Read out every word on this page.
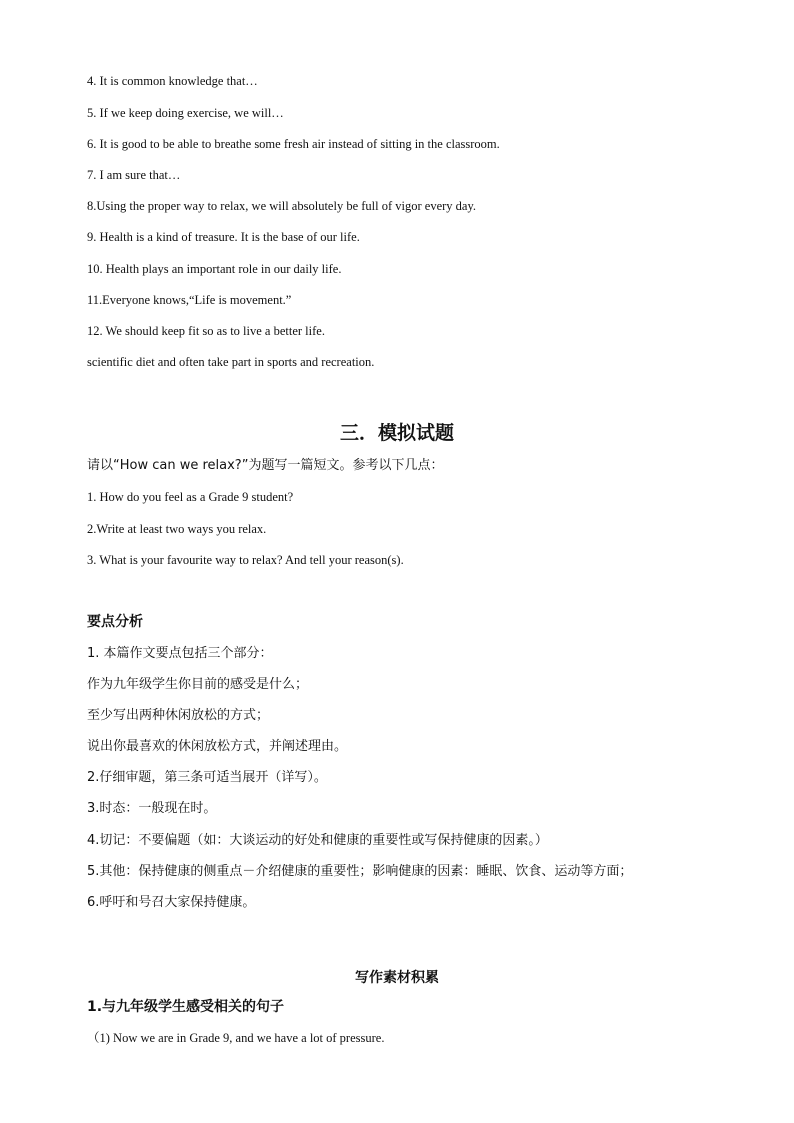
4. It is common knowledge that…
5. If we keep doing exercise, we will…
6. It is good to be able to breathe some fresh air instead of sitting in the classroom.
7. I am sure that…
8.Using the proper way to relax, we will absolutely be full of vigor every day.
9. Health is a kind of treasure. It is the base of our life.
10. Health plays an important role in our daily life.
11.Everyone knows,“Life is movement.”
12. We should keep fit so as to live a better life.
scientific diet and often take part in sports and recreation.
三．模拟试题
请以“How can we relax?”为题写一篇短文。参考以下几点：
1. How do you feel as a Grade 9 student?
2.Write at least two ways you relax.
3. What is your favourite way to relax? And tell your reason(s).
要点分析
1. 本篇作文要点包括三个部分：
作为九年级学生你目前的感受是什么；
至少写出两种休闲放松的方式；
说出你最喜欢的休闲放松方式，并阐述理由。
2.仔细审题，第三条可适当展开（详写）。
3.时态：一般现在时。
4.切记：不要偏题（如：大谈运动的好处和健康的重要性或写保持健康的因素。）
5.其他：保持健康的侧重点－介绍健康的重要性；影响健康的因素：睡眠、饮食、运动等方面；
6.呼吁和号召大家保持健康。
写作素材积累
1.与九年级学生感受相关的句子
（1) Now we are in Grade 9, and we have a lot of pressure.
